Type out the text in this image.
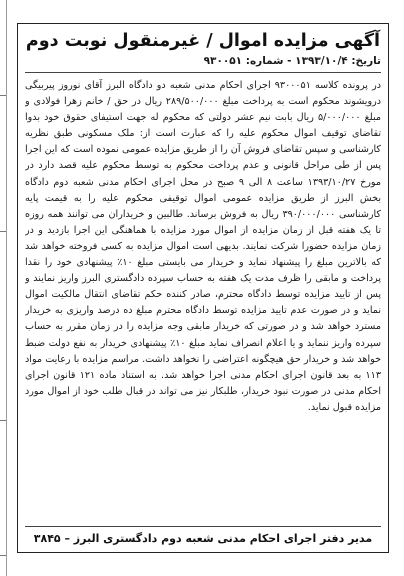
آگهی مزایده اموال / غیرمنقول نوبت دوم
تاریخ: ۱۳۹۳/۱۰/۴ - شماره: ۹۳۰۰۵۱

در پرونده کلاسه ۹۳۰۰۰۵۱ اجرای احکام مدنی شعبه دو دادگاه البرز آقای نوروز پیربیگی درویشوند محکوم است به پرداخت مبلغ ۲۸۹/۵۰۰/۰۰۰ ریال در حق / خانم زهرا فولادی و مبلغ ۵/۰۰۰/۰۰۰ ریال بابت نیم عشر دولتی که محکوم له جهت استیفای حقوق خود بدوا تقاضای توقیف اموال محکوم علیه را که عبارت است از: ملک مسکونی طبق نظریه کارشناسی و سپس تقاضای فروش آن را از طریق مزایده عمومی نموده است که این اجرا پس از طی مراحل قانونی و عدم پرداخت محکوم به توسط محکوم علیه قصد دارد در مورخ ۱۳۹۳/۱۰/۲۷ ساعت ۸ الی ۹ صبح در محل اجرای احکام مدنی شعبه دوم دادگاه بخش البرز از طریق مزایده عمومی اموال توقیفی محکوم علیه را به قیمت پایه کارشناسی ۳۹۰/۰۰۰/۰۰۰ ریال به فروش برساند. طالبین و خریداران می توانند همه روزه تا یک هفته قبل از زمان مزایده از اموال مورد مزایده با هماهنگی این اجرا بازدید و در زمان مزایده حضورا شرکت نمایند. بدیهی است اموال مزایده به کسی فروخته خواهد شد که بالاترین مبلغ را پیشنهاد نماید و خریدار می بایستی مبلغ ۱۰٪ پیشنهادی خود را نقدا پرداخت و مابقی را ظرف مدت یک هفته به حساب سپرده دادگستری البرز واریز نمایند و پس از تایید مزایده توسط دادگاه محترم، صادر کننده حکم تقاضای انتقال مالکیت اموال نماید و در صورت عدم تایید مزایده توسط دادگاه محترم مبلغ ده درصد واریزی به خریدار مسترد خواهد شد و در صورتی که خریدار مابقی وجه مزایده را در زمان مقرر به حساب سپرده واریز ننماید و یا اعلام انصراف نماید مبلغ ۱۰٪ پیشنهادی خریدار به نفع دولت ضبط خواهد شد و خریدار حق هیچگونه اعتراضی را نخواهد داشت. مراسم مزایده با رعایت مواد ۱۱۳ به بعد قانون اجرای احکام مدنی اجرا خواهد شد. به استناد ماده ۱۲۱ قانون اجرای احکام مدنی در صورت نبود خریدار، طلبکار نیز می تواند در قبال طلب خود از اموال مورد مزایده قبول نماید.

مدیر دفتر اجرای احکام مدنی شعبه دوم دادگستری البرز – ۳۸۴۵
